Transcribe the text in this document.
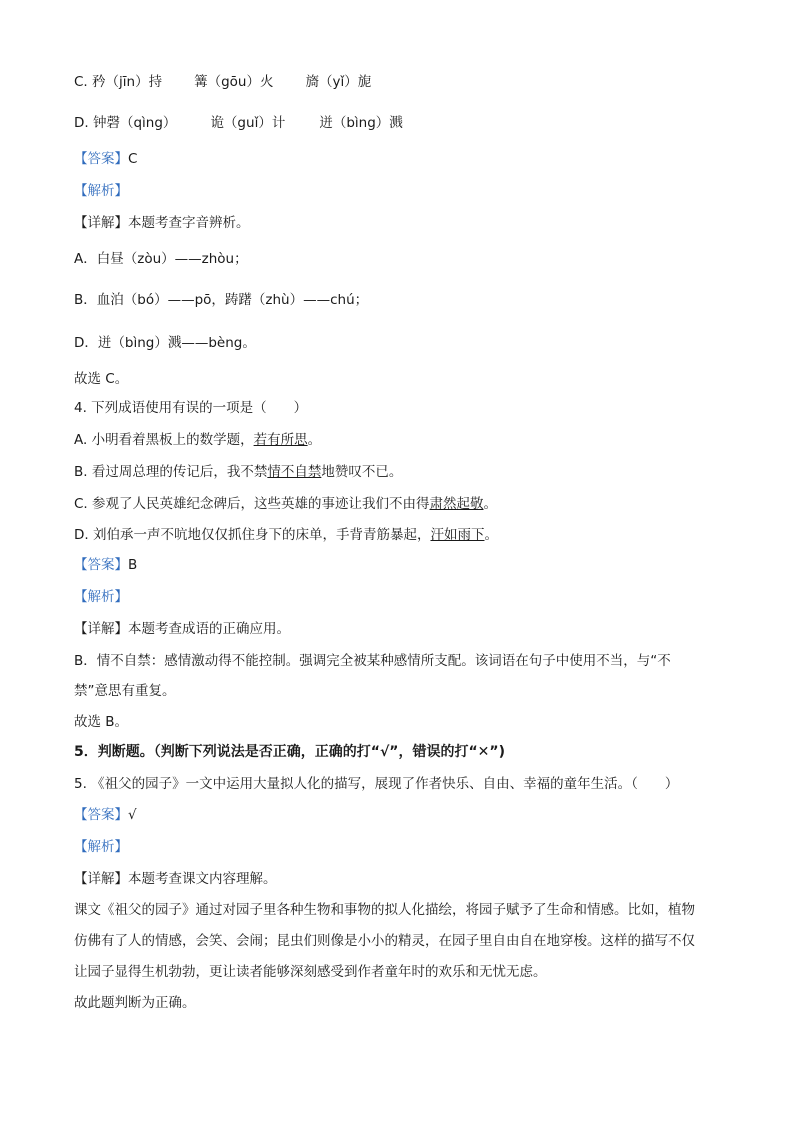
C. 矜（jīn）持 篝（gōu）火 旖（yǐ）旎
D. 钟磬（qìng）	诡（guǐ）计	迸（bìng）溅
【答案】C
【解析】
【详解】本题考查字音辨析。
A．白昼（zòu）——zhòu；
B．血泊（bó）——pō，踌躇（zhù）——chú；
D．迸（bìng）溅——bèng。
故选 C。
4. 下列成语使用有误的一项是（　　）
A. 小明看着黑板上的数学题，若有所思。
B. 看过周总理的传记后，我不禁情不自禁地赞叹不已。
C. 参观了人民英雄纪念碑后，这些英雄的事迹让我们不由得肃然起敬。
D. 刘伯承一声不吭地仅仅抓住身下的床单，手背青筋暴起，汗如雨下。
【答案】B
【解析】
【详解】本题考查成语的正确应用。
B．情不自禁：感情激动得不能控制。强调完全被某种感情所支配。该词语在句子中使用不当，与“不
禁”意思有重复。
故选 B。
5．判断题。（判断下列说法是否正确，正确的打“√”，错误的打“✕”)
5. 《祖父的园子》一文中运用大量拟人化的描写，展现了作者快乐、自由、幸福的童年生活。（　　）
【答案】√
【解析】
【详解】本题考查课文内容理解。
课文《祖父的园子》通过对园子里各种生物和事物的拟人化描绘，将园子赋予了生命和情感。比如，植物
仿佛有了人的情感，会笑、会闹；昆虫们则像是小小的精灵，在园子里自由自在地穿梭。这样的描写不仅
让园子显得生机勃勃，更让读者能够深刻感受到作者童年时的欢乐和无忧无虑。
故此题判断为正确。
